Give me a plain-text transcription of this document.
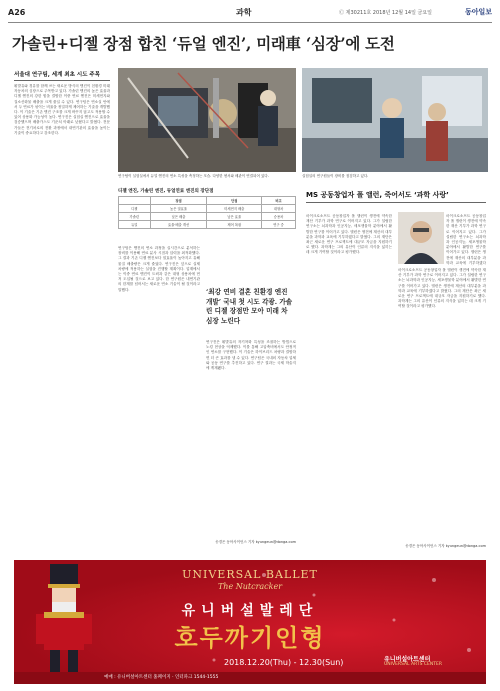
A26	과학	Ⓒ 제30211호 2018년 12월 14일 금요일	동아일보
가솔린+디젤 장점 합친 ‘듀얼 엔진’, 미래車 ‘심장’에 도전
서울대 연구팀, 세계 최초 시도 주목
휘발유와 경유를 함께 쓰는 새로운 방식의 엔진이 친환경 미래 자동차의 심장으로 주목받고 있다. 가솔린 엔진의 높은 효율과 디젤 엔진의 강한 힘을 결합한 이중 연료 엔진은 미세먼지와 질소산화물 배출을 크게 줄일 수 있다. 연구팀은 연소실 안에서 두 연료가 섞이는 비율을 정밀하게 제어하는 기술을 개발했다. 이 기술은 기존 엔진 구조를 크게 바꾸지 않고도 적용할 수 있어 상용화 가능성이 높다. 연구진은 실험실 엔진으로 효율을 검증했으며 배출가스도 기준치 아래로 낮췄다고 밝혔다. 전문가들은 전기차로의 전환 과정에서 내연기관의 효율을 높이는 기술이 중요하다고 강조한다.
연구팀이 실험실에서 듀얼 엔진의 연소 특성을 측정하는 모습. 다양한 센서와 배관이 연결되어 있다.	실험실의 연구원들이 장비를 점검하고 있다.
디젤 엔진, 가솔린 엔진, 듀얼연료 엔진의 장단점
	장점	단점	비고
디젤	높은 열효율	미세먼지 배출	대형차
가솔린	낮은 배출	낮은 효율	승용차
듀얼	효율·배출 개선	제어 복잡	연구 중
연구팀은 엔진의 연소 과정을 실시간으로 분석하는 장비를 이용해 연료 분사 시점과 압력을 최적화했다. 그 결과 기존 디젤 엔진보다 열효율이 높아지고 유해물질 배출량은 크게 줄었다. 연구진은 앞으로 실제 차량에 적용하는 실험을 진행할 계획이다. 업계에서는 이중 연료 엔진이 트럭과 같은 대형 상용차에 먼저 도입될 것으로 보고 있다. 한 연구원은 내연기관의 한계를 넘어서는 새로운 연소 기술이 될 것이라고 말했다.	‘최강 연비 결혼 친환경 엔진 개발’ 국내 첫 시도 각광. 가솔린 디젤 장점만 모아 미래 차 심장 노린다
연구진은 휘발유의 자기착화 특성을 조절하는 방법으로 노킹 현상을 억제했다. 이를 통해 고압축비에서도 안정적인 연소를 구현했다. 이 기술은 하이브리드 차량과 결합하면 더 큰 효과를 낼 수 있다. 연구팀은 국내외 자동차 업체와 공동 연구를 추진하고 있다. 연구 결과는 국제 학술지에 게재됐다.
송경은 동아사이언스 기자 kyungeun@donga.com
MS 공동창업자 폴 앨런, 죽어서도 ‘과학 사랑’
마이크로소프트 공동창업자 폴 앨런이 생전에 약속한 재산 기부가 과학 연구로 이어지고 있다. 그가 설립한 연구소는 뇌과학과 인공지능, 세포생물학 분야에서 활발한 연구를 이어가고 있다. 앨런은 생전에 재산의 대부분을 과학과 교육에 기부하겠다고 밝혔다. 그의 재단은 최근 새로운 연구 프로젝트에 대규모 자금을 지원하기로 했다. 과학계는 그의 유산이 인류의 지식을 넓히는 데 크게 기여할 것이라고 평가했다.
마이크로소프트 공동창업자 폴 앨런이 생전에 약속한 재산 기부가 과학 연구로 이어지고 있다. 그가 설립한 연구소는 뇌과학과 인공지능, 세포생물학 분야에서 활발한 연구를 이어가고 있다. 앨런은 생전에 재산의 대부분을 과학과 교육에 기부하겠다
마이크로소프트 공동창업자 폴 앨런이 생전에 약속한 재산 기부가 과학 연구로 이어지고 있다. 그가 설립한 연구소는 뇌과학과 인공지능, 세포생물학 분야에서 활발한 연구를 이어가고 있다. 앨런은 생전에 재산의 대부분을 과학과 교육에 기부하겠다고 밝혔다. 그의 재단은 최근 새로운 연구 프로젝트에 대규모 자금을 지원하기로 했다. 과학계는 그의 유산이 인류의 지식을 넓히는 데 크게 기여할 것이라고 평가했다.
송경은 동아사이언스 기자 kyungeun@donga.com
UNIVERSAL BALLET
The Nutcracker
유니버설발레단
호두까기인형
2018.12.20(Thu) - 12.30(Sun)	유니버설아트센터
UNIVERSAL ARTS CENTER
예매 : 유니버설아트센터 홈페이지 · 인터파크 1544-1555
